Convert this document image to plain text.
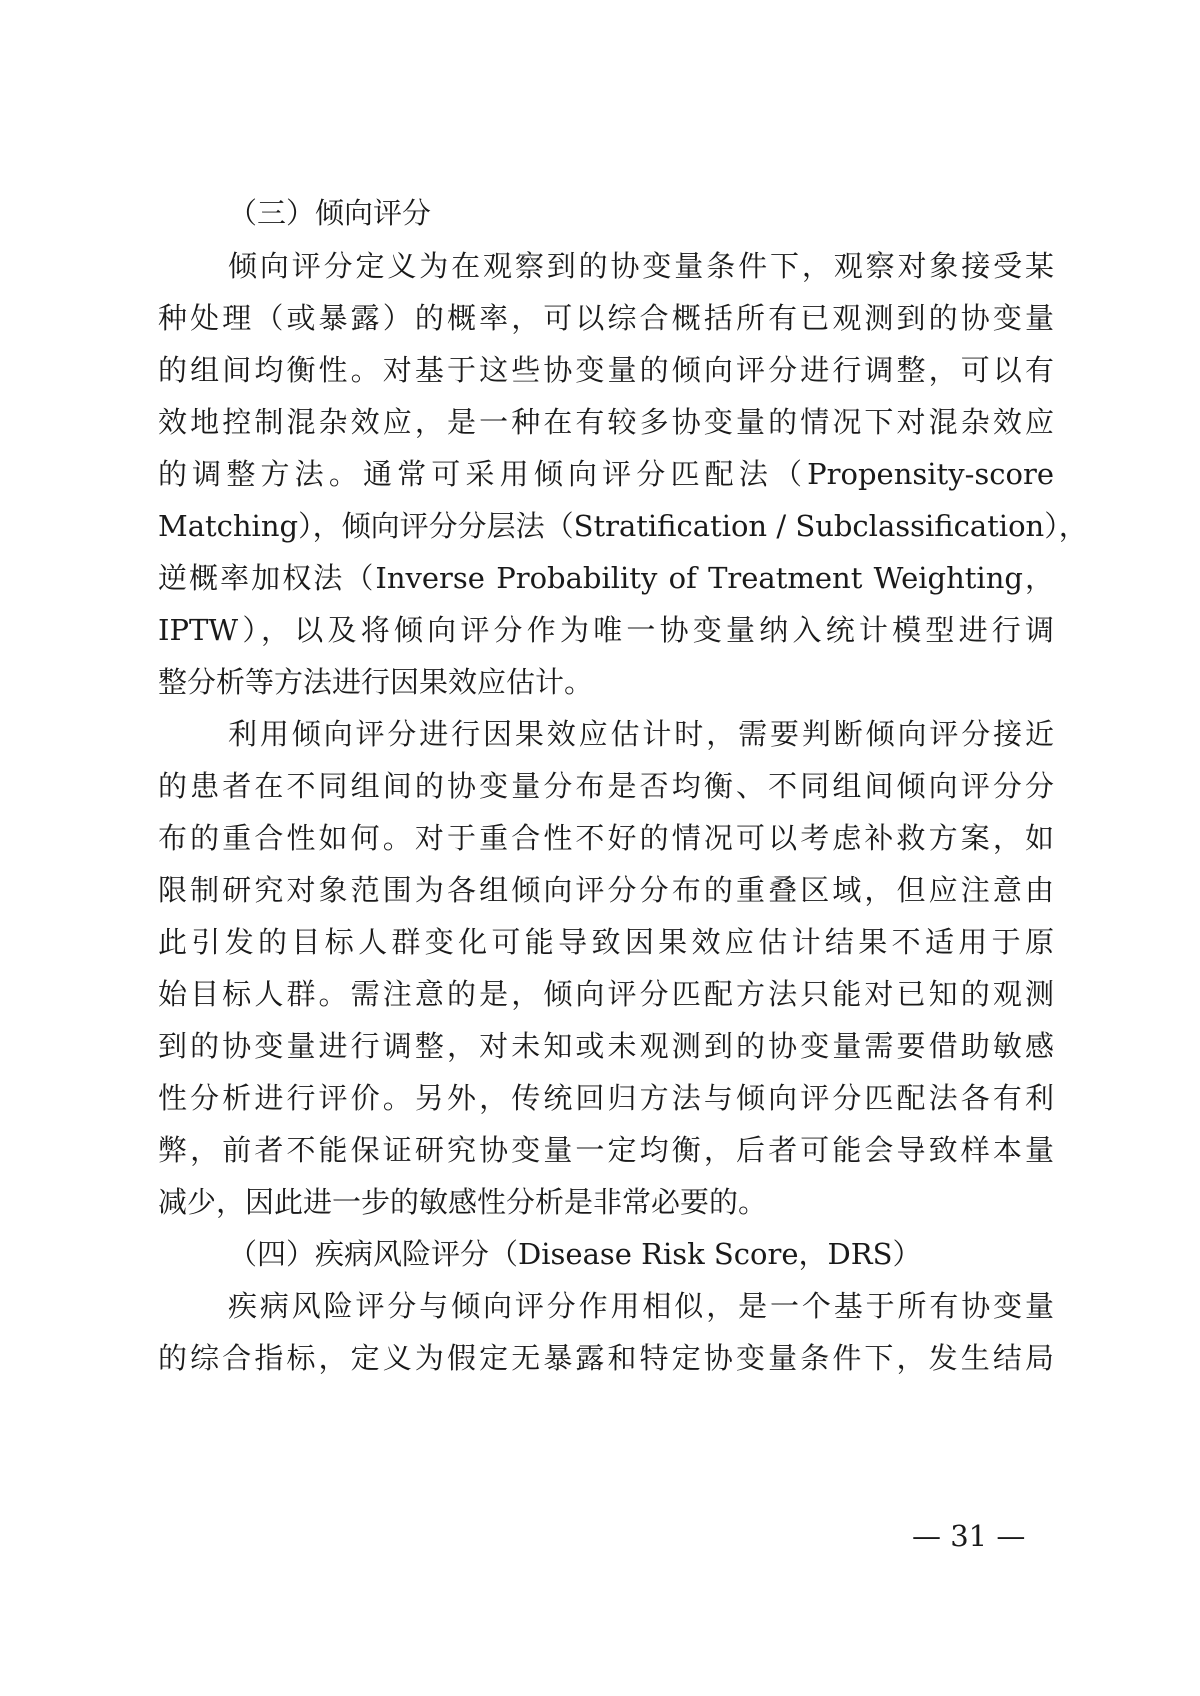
（三）倾向评分
倾向评分定义为在观察到的协变量条件下，观察对象接受某
种处理（或暴露）的概率，可以综合概括所有已观测到的协变量
的组间均衡性。对基于这些协变量的倾向评分进行调整，可以有
效地控制混杂效应，是一种在有较多协变量的情况下对混杂效应
的调整方法。通常可采用倾向评分匹配法（Propensity-score
Matching），倾向评分分层法（Stratification / Subclassification），
逆概率加权法（Inverse Probability of Treatment Weighting，
IPTW），以及将倾向评分作为唯一协变量纳入统计模型进行调
整分析等方法进行因果效应估计。
利用倾向评分进行因果效应估计时，需要判断倾向评分接近
的患者在不同组间的协变量分布是否均衡、不同组间倾向评分分
布的重合性如何。对于重合性不好的情况可以考虑补救方案，如
限制研究对象范围为各组倾向评分分布的重叠区域，但应注意由
此引发的目标人群变化可能导致因果效应估计结果不适用于原
始目标人群。需注意的是，倾向评分匹配方法只能对已知的观测
到的协变量进行调整，对未知或未观测到的协变量需要借助敏感
性分析进行评价。另外，传统回归方法与倾向评分匹配法各有利
弊，前者不能保证研究协变量一定均衡，后者可能会导致样本量
减少，因此进一步的敏感性分析是非常必要的。
（四）疾病风险评分（Disease Risk Score，DRS）
疾病风险评分与倾向评分作用相似，是一个基于所有协变量
的综合指标，定义为假定无暴露和特定协变量条件下，发生结局
— 31 —
